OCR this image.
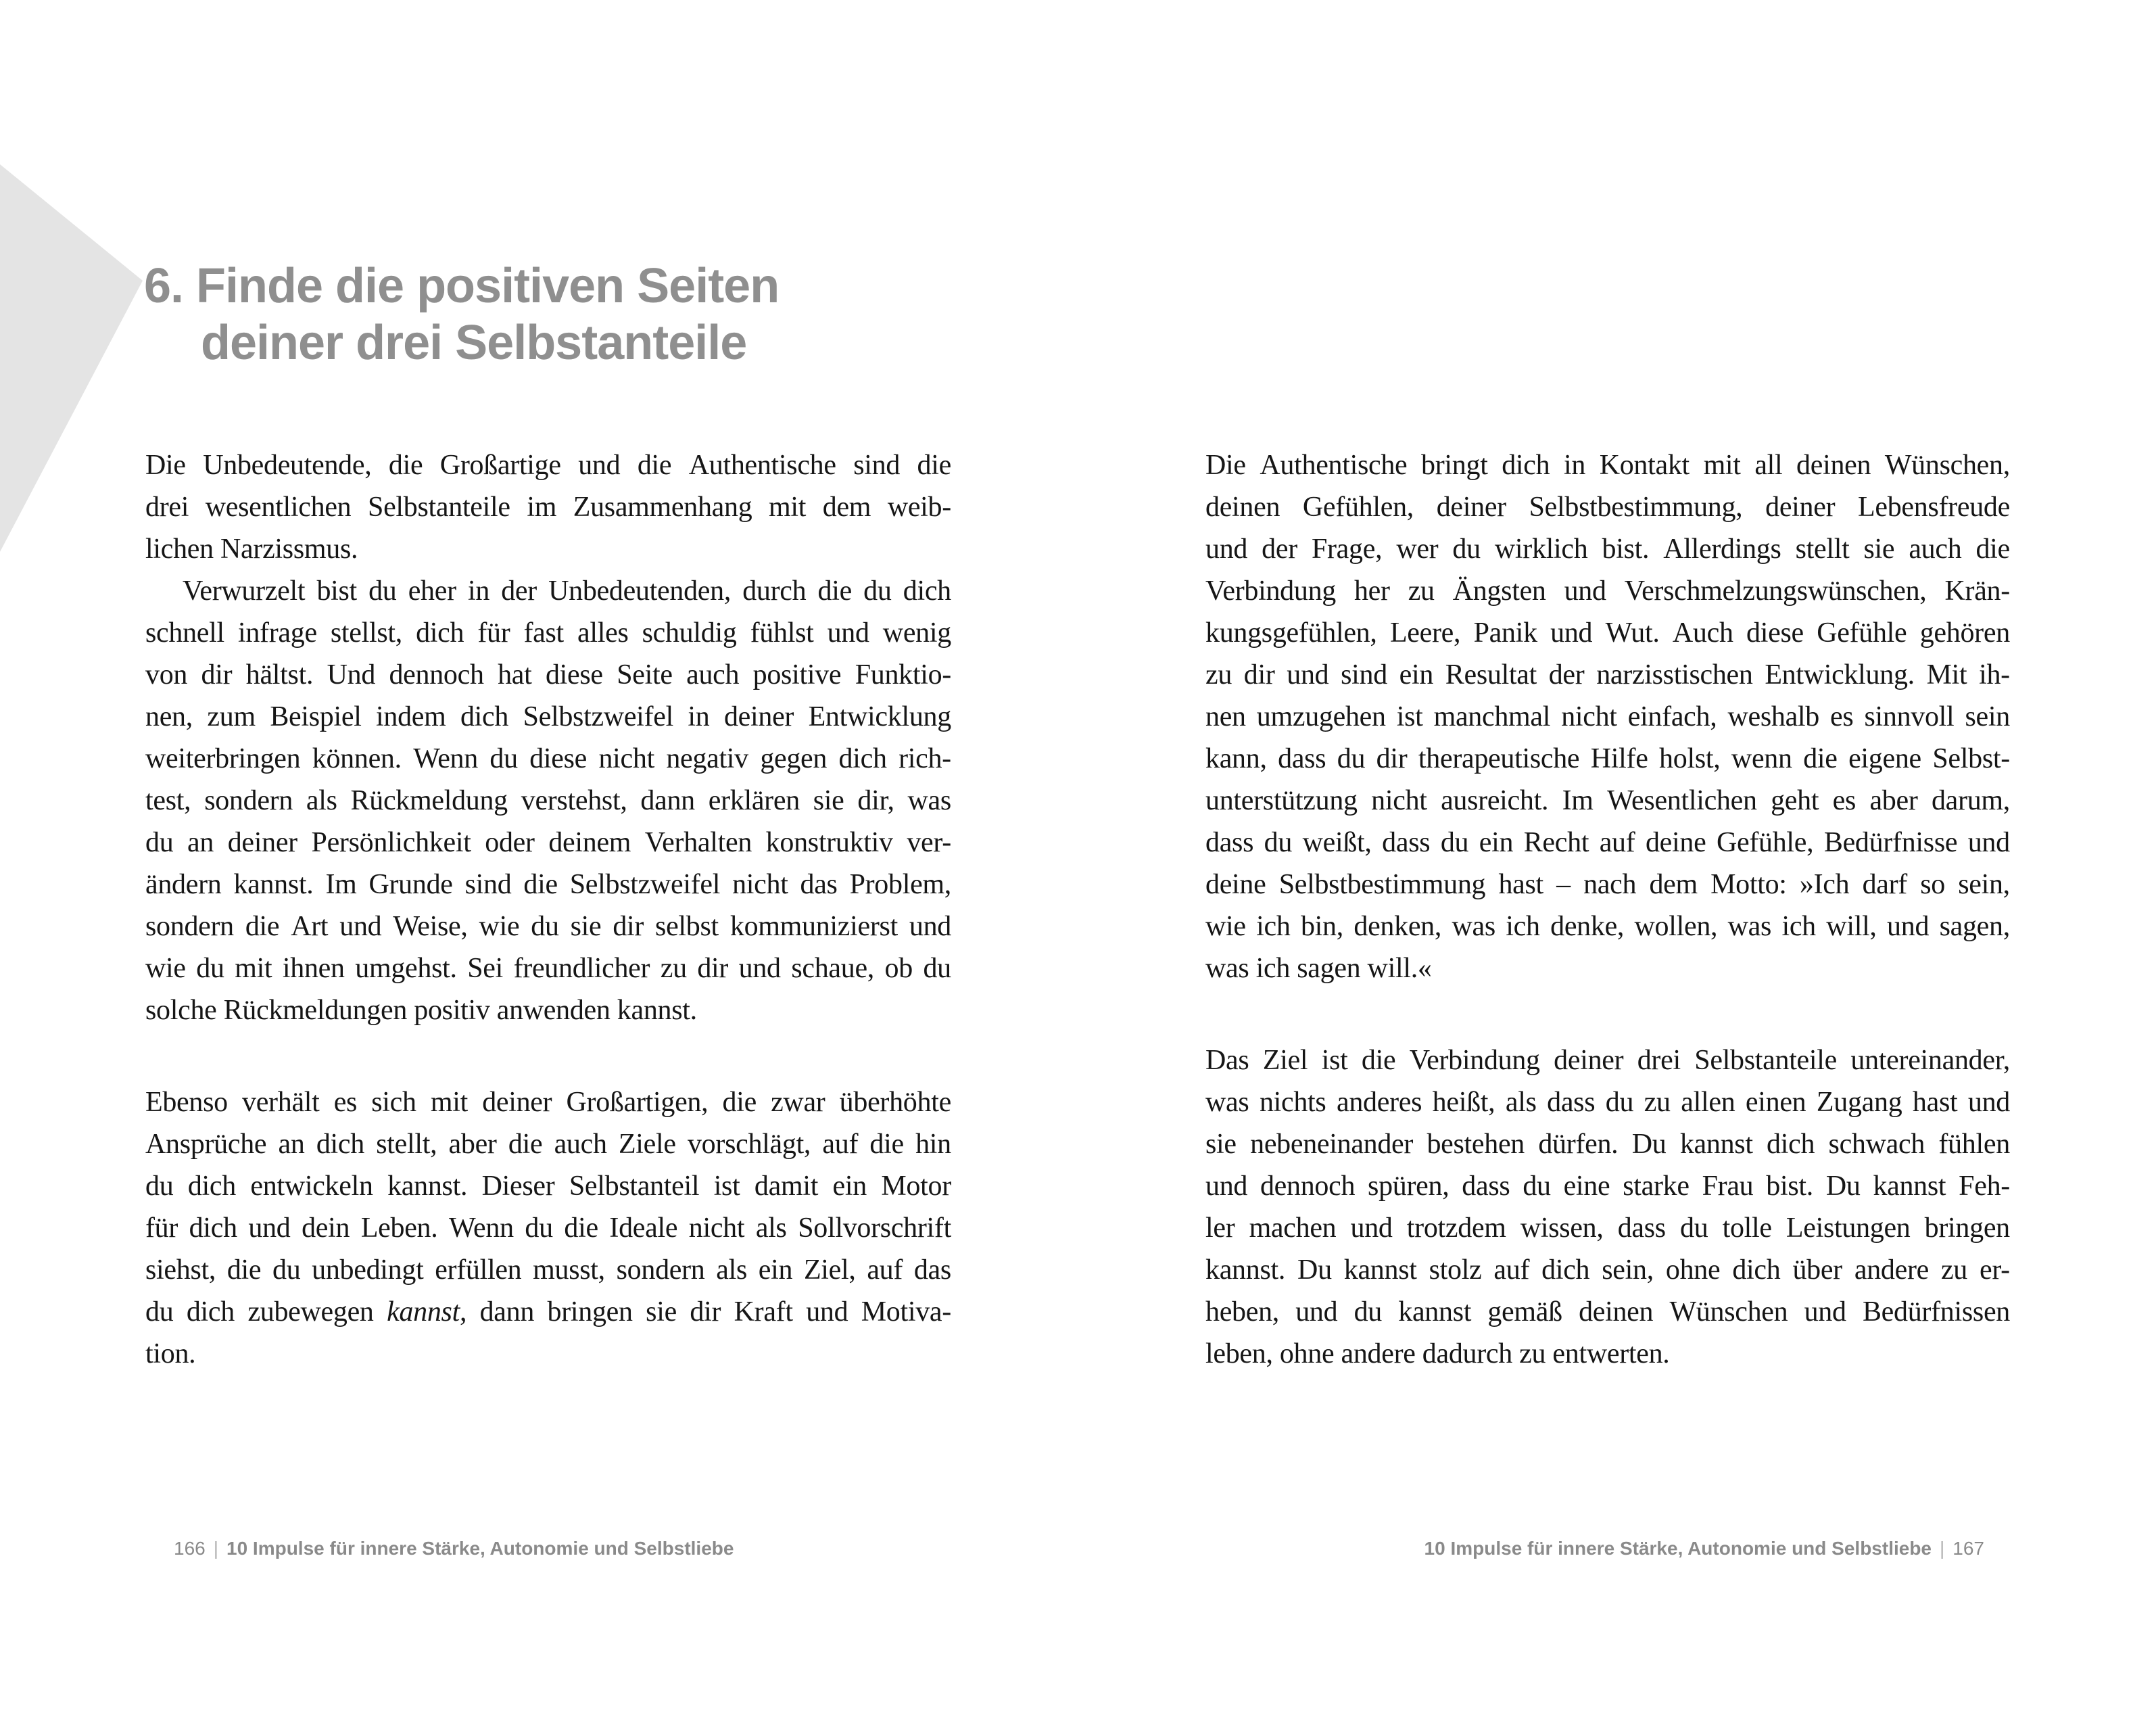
6. Finde die positiven Seiten
deiner drei Selbstanteile
Die Unbedeutende, die Großartige und die Authentische sind die
drei wesentlichen Selbstanteile im Zusammenhang mit dem weib-
lichen Narzissmus.
Verwurzelt bist du eher in der Unbedeutenden, durch die du dich
schnell infrage stellst, dich für fast alles schuldig fühlst und wenig
von dir hältst. Und dennoch hat diese Seite auch positive Funktio-
nen, zum Beispiel indem dich Selbstzweifel in deiner Entwicklung
weiterbringen können. Wenn du diese nicht negativ gegen dich rich-
test, sondern als Rückmeldung verstehst, dann erklären sie dir, was
du an deiner Persönlichkeit oder deinem Verhalten konstruktiv ver-
ändern kannst. Im Grunde sind die Selbstzweifel nicht das Problem,
sondern die Art und Weise, wie du sie dir selbst kommunizierst und
wie du mit ihnen umgehst. Sei freundlicher zu dir und schaue, ob du
solche Rückmeldungen positiv anwenden kannst.
Ebenso verhält es sich mit deiner Großartigen, die zwar überhöhte
Ansprüche an dich stellt, aber die auch Ziele vorschlägt, auf die hin
du dich entwickeln kannst. Dieser Selbstanteil ist damit ein Motor
für dich und dein Leben. Wenn du die Ideale nicht als Sollvorschrift
siehst, die du unbedingt erfüllen musst, sondern als ein Ziel, auf das
du dich zubewegen kannst, dann bringen sie dir Kraft und Motiva-
tion.
166 | 10 Impulse für innere Stärke, Autonomie und Selbstliebe
Die Authentische bringt dich in Kontakt mit all deinen Wünschen,
deinen Gefühlen, deiner Selbstbestimmung, deiner Lebensfreude
und der Frage, wer du wirklich bist. Allerdings stellt sie auch die
Verbindung her zu Ängsten und Verschmelzungswünschen, Krän-
kungsgefühlen, Leere, Panik und Wut. Auch diese Gefühle gehören
zu dir und sind ein Resultat der narzisstischen Entwicklung. Mit ih-
nen umzugehen ist manchmal nicht einfach, weshalb es sinnvoll sein
kann, dass du dir therapeutische Hilfe holst, wenn die eigene Selbst-
unterstützung nicht ausreicht. Im Wesentlichen geht es aber darum,
dass du weißt, dass du ein Recht auf deine Gefühle, Bedürfnisse und
deine Selbstbestimmung hast – nach dem Motto: »Ich darf so sein,
wie ich bin, denken, was ich denke, wollen, was ich will, und sagen,
was ich sagen will.«
Das Ziel ist die Verbindung deiner drei Selbstanteile untereinander,
was nichts anderes heißt, als dass du zu allen einen Zugang hast und
sie nebeneinander bestehen dürfen. Du kannst dich schwach fühlen
und dennoch spüren, dass du eine starke Frau bist. Du kannst Feh-
ler machen und trotzdem wissen, dass du tolle Leistungen bringen
kannst. Du kannst stolz auf dich sein, ohne dich über andere zu er-
heben, und du kannst gemäß deinen Wünschen und Bedürfnissen
leben, ohne andere dadurch zu entwerten.
10 Impulse für innere Stärke, Autonomie und Selbstliebe | 167
